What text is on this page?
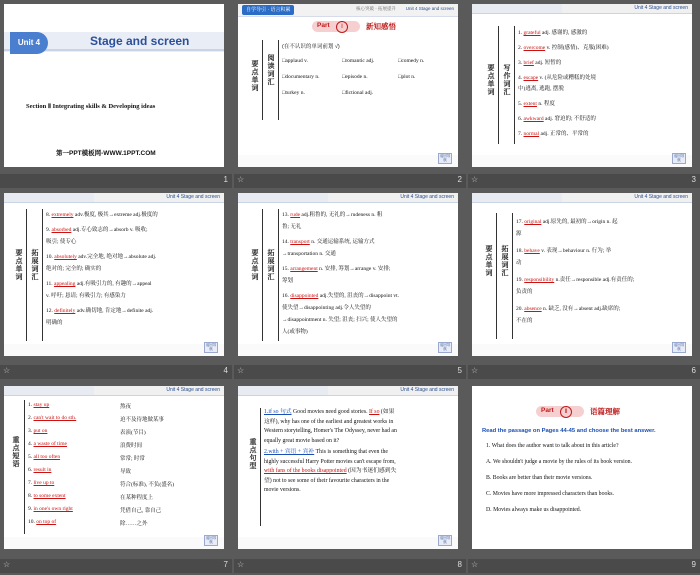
Unit 4	Stage and screen
Section Ⅱ Integrating skills & Developing ideas
第一PPT模板网-WWW.1PPT.COM
1
自学导引 · 语言积累	核心突破 · 拓展提升 Unit 4 Stage and screen
Part	Ⅰ	新知感悟
要点单词 阅读词汇
(在不认识的单词前划 √)
□applaud v.	□romantic adj.	□comedy n.
□documentary n.	□episode n.	□plot n.
□turkey n.	□fictional adj.
返回导航
☆	2
Unit 4 Stage and screen
要点单词 写作词汇
1. grateful adj. 感谢的, 感激的
2. overcome v. 控制(感情)、克服(困难)
3. brief adj. 短暂的
4. escape v. (从危险或糟糕的处境
中)逃离, 逃跑, 摆脱
5. extent n. 程度
6. awkward adj. 窘迫的; 不舒适的
7. normal adj. 正常的、平常的
返回导航
☆	3
Unit 4 Stage and screen
要点单词 拓展词汇
8. extremely adv.极度, 极其→extreme adj.极度的
9. absorbed adj.专心致志的→absorb v. 吸收;
吸引; 使专心
10. absolutely adv.完全地, 绝对地→absolute adj.
绝对的; 完全的; 确实的
11. appealing adj.有吸引力的, 有趣的→appeal
v. 呼吁; 恳请; 有吸引力; 有感染力
12. definitely adv.确切地, 肯定地→definite adj.
明确的
返回导航
☆	4
Unit 4 Stage and screen
要点单词 拓展词汇
13. rude adj.粗鲁的, 无礼的→rudeness n. 粗
鲁; 无礼
14. transport n. 交通运输系统, 运输方式
→transportation n. 交通
15. arrangement n. 安排, 筹划→arrange v. 安排;
筹划
16. disappointed adj.失望的, 沮丧的→disappoint vt.
使失望→disappointing adj.令人失望的
→disappointment n. 失望; 沮丧; 扫兴; 使人失望的
人(或事物)
返回导航
☆	5
Unit 4 Stage and screen
要点单词 拓展词汇
17. original adj.原先的, 最初的→origin n. 起
源
18. behave v. 表现→behaviour n. 行为; 举
动
19. responsibility n.责任→responsible adj.有责任的;
负责的
20. absence n. 缺乏, 没有→absent adj.缺席的;
不在的
返回导航
☆	6
Unit 4 Stage and screen
重点短语
1. stay up	熬夜
2. can't wait to do sth.	迫不及待地做某事
3. put on	表演(节目)
4. a waste of time	浪费时间
5. all too often	常常; 时常
6. result in	导致
7. live up to	符合(标准), 不负(盛名)
8. to some extent	在某种程度上
9. in one's own right	凭借自己, 靠自己
10. on top of	除……之外
返回导航
☆	7
Unit 4 Stage and screen
重点句型
1.if so 句式 Good movies need good stories. If so (如果
这样), why has one of the earliest and greatest works in
Western storytelling, Homer's The Odyssey, never had an
equally great movie based on it?
2.with + 宾语 + 宾补 This is something that even the
highly successful Harry Potter movies can't escape from,
with fans of the books disappointed (因为书迷们感到失
望) not to see some of their favourite characters in the
movie versions.
返回导航
☆	8
Part	Ⅱ	语篇理解
Read the passage on Pages 44-45 and choose the best answer.
1. What does the author want to talk about in this article?
A. We shouldn't judge a movie by the rules of its book version.
B. Books are better than their movie versions.
C. Movies have more impressed characters than books.
D. Movies always make us disappointed.
☆	9
